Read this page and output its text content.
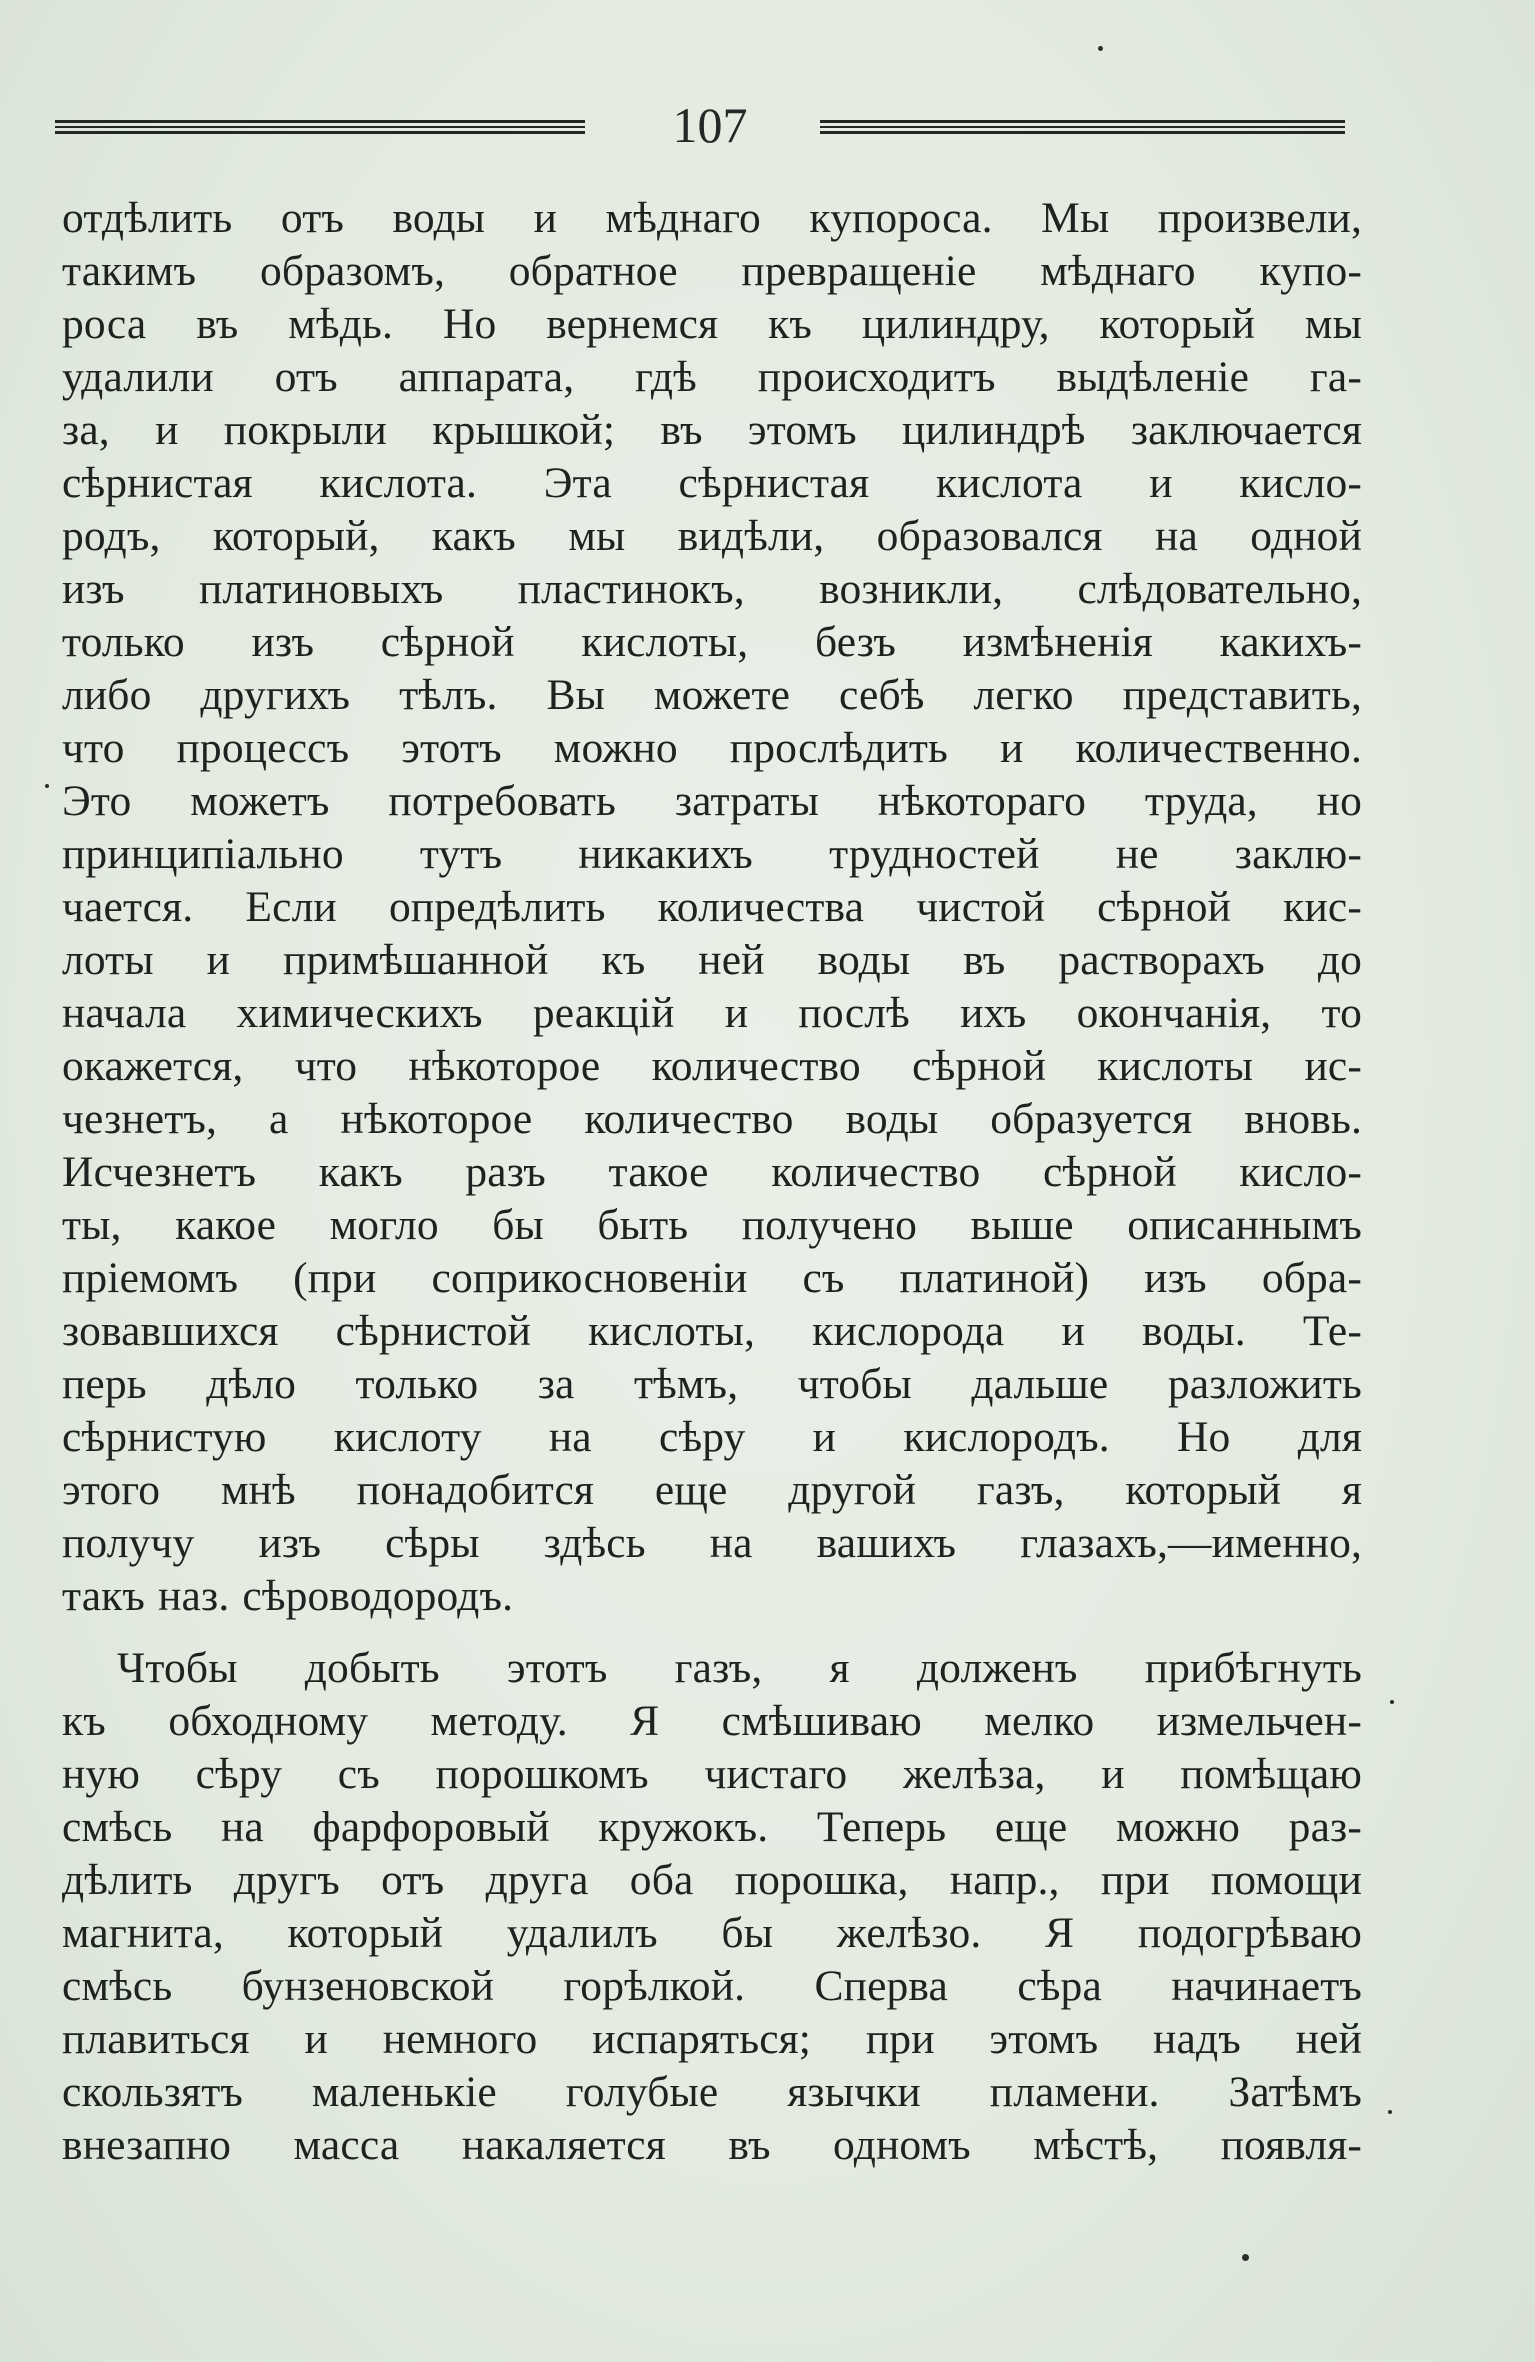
107
отдѣлить отъ воды и мѣднаго купороса. Мы произвели,
такимъ образомъ, обратное превращеніе мѣднаго купо-
роса въ мѣдь. Но вернемся къ цилиндру, который мы
удалили отъ аппарата, гдѣ происходитъ выдѣленіе га-
за, и покрыли крышкой; въ этомъ цилиндрѣ заключается
сѣрнистая кислота. Эта сѣрнистая кислота и кисло-
родъ, который, какъ мы видѣли, образовался на одной
изъ платиновыхъ пластинокъ, возникли, слѣдовательно,
только изъ сѣрной кислоты, безъ измѣненія какихъ-
либо другихъ тѣлъ. Вы можете себѣ легко представить,
что процессъ этотъ можно прослѣдить и количественно.
Это можетъ потребовать затраты нѣкотораго труда, но
принципіально тутъ никакихъ трудностей не заклю-
чается. Если опредѣлить количества чистой сѣрной кис-
лоты и примѣшанной къ ней воды въ растворахъ до
начала химическихъ реакцій и послѣ ихъ окончанія, то
окажется, что нѣкоторое количество сѣрной кислоты ис-
чезнетъ, а нѣкоторое количество воды образуется вновь.
Исчезнетъ какъ разъ такое количество сѣрной кисло-
ты, какое могло бы быть получено выше описаннымъ
пріемомъ (при соприкосновеніи съ платиной) изъ обра-
зовавшихся сѣрнистой кислоты, кислорода и воды. Те-
перь дѣло только за тѣмъ, чтобы дальше разложить
сѣрнистую кислоту на сѣру и кислородъ. Но для
этого мнѣ понадобится еще другой газъ, который я
получу изъ сѣры здѣсь на вашихъ глазахъ,—именно,
такъ наз. сѣроводородъ.
Чтобы добыть этотъ газъ, я долженъ прибѣгнуть
къ обходному методу. Я смѣшиваю мелко измельчен-
ную сѣру съ порошкомъ чистаго желѣза, и помѣщаю
смѣсь на фарфоровый кружокъ. Теперь еще можно раз-
дѣлить другъ отъ друга оба порошка, напр., при помощи
магнита, который удалилъ бы желѣзо. Я подогрѣваю
смѣсь бунзеновской горѣлкой. Сперва сѣра начинаетъ
плавиться и немного испаряться; при этомъ надъ ней
скользятъ маленькіе голубые язычки пламени. Затѣмъ
внезапно масса накаляется въ одномъ мѣстѣ, появля-
